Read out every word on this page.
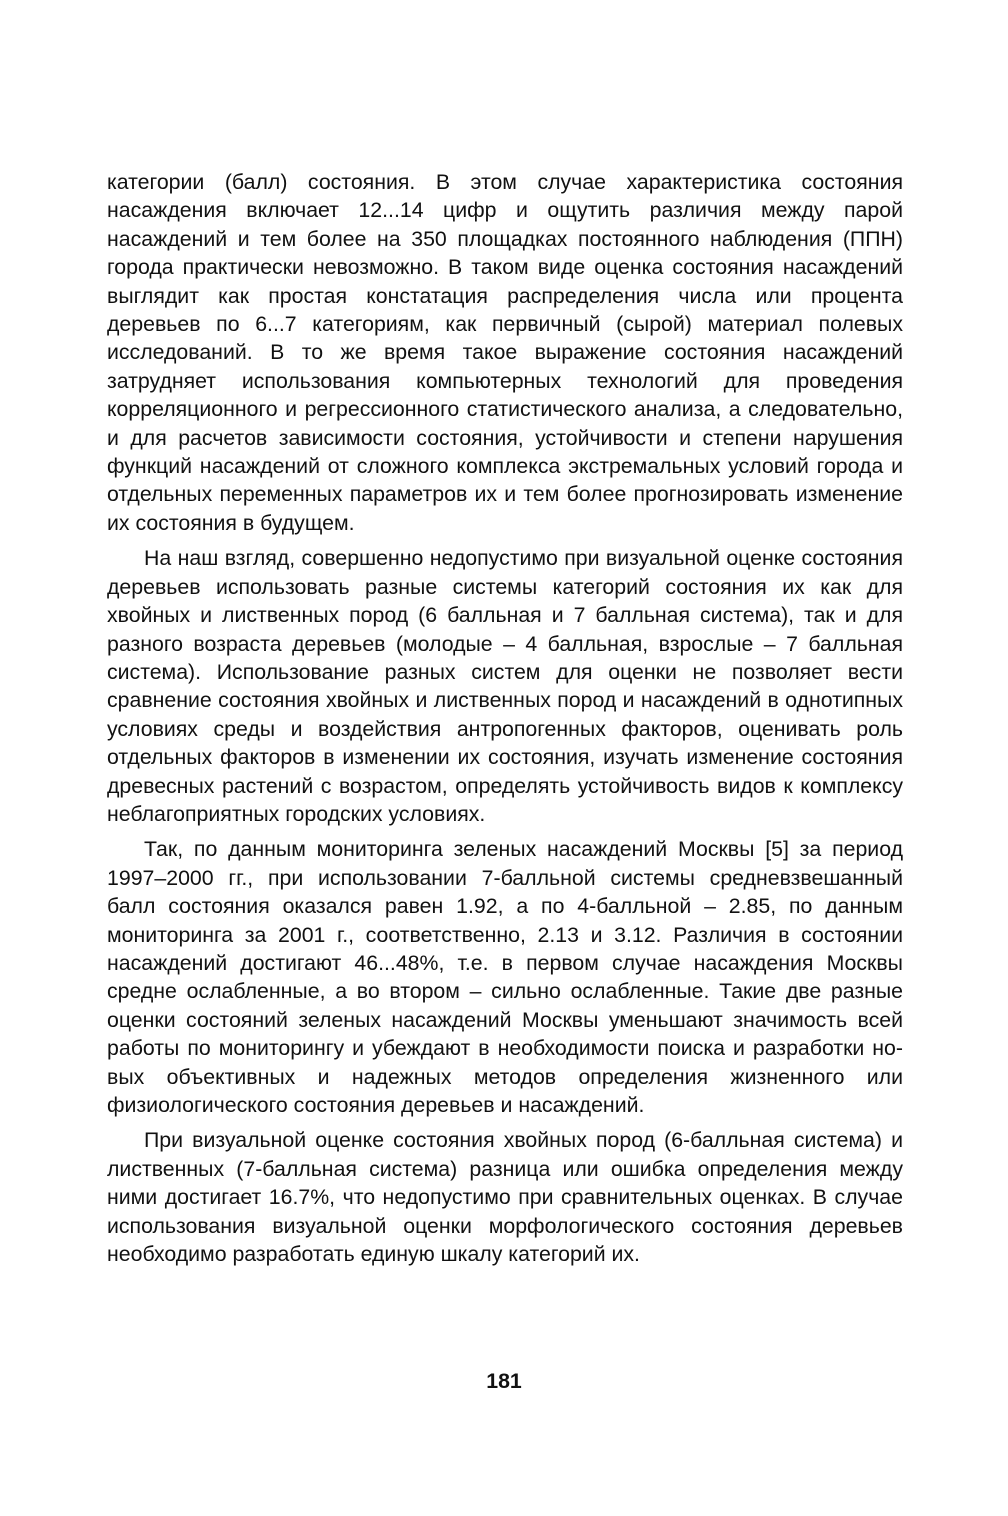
категории (балл) состояния. В этом случае характеристика состояния насаждения включает 12...14 цифр и ощутить различия между парой насаждений и тем более на 350 площадках постоянного наблюдения (ППН) города практически невозможно. В таком виде оценка состояния насаждений выглядит как простая констатация распределения числа или процента деревьев по 6...7 категориям, как первичный (сырой) материал полевых исследований. В то же время такое выражение состояния насаждений затрудняет использования компьютерных технологий для проведения корреляционного и регрессионного статистического анализа, а следовательно, и для расчетов зависимости состояния, устойчивости и степени нарушения функций насаждений от сложного комплекса экстремальных условий города и отдельных переменных параметров их и тем более прогнозировать изменение их состояния в будущем.

На наш взгляд, совершенно недопустимо при визуальной оценке состояния деревьев использовать разные системы категорий состояния их как для хвойных и лиственных пород (6 балльная и 7 балльная система), так и для разного возраста деревьев (молодые – 4 балльная, взрослые – 7 балльная система). Использование разных систем для оценки не позволяет вести сравнение состояния хвойных и лиственных пород и насаждений в однотипных условиях среды и воздействия антропогенных факторов, оценивать роль отдельных факторов в изменении их состояния, изучать изменение состояния древесных растений с возрастом, определять устойчивость видов к комплексу неблагоприятных городских условиях.

Так, по данным мониторинга зеленых насаждений Москвы [5] за период 1997–2000 гг., при использовании 7-балльной системы средневзвешанный балл состояния оказался равен 1.92, а по 4-балльной – 2.85, по данным мониторинга за 2001 г., соответственно, 2.13 и 3.12. Различия в состоянии насаждений достигают 46...48%, т.е. в первом случае насаждения Москвы средне ослабленные, а во втором – сильно ослабленные. Такие две разные оценки состояний зеленых насаждений Москвы уменьшают значимость всей работы по мониторингу и убеждают в необходимости поиска и разработки новых объективных и надежных методов определения жизненного или физиологического состояния деревьев и насаждений.

При визуальной оценке состояния хвойных пород (6-балльная система) и лиственных (7-балльная система) разница или ошибка определения между ними достигает 16.7%, что недопустимо при сравнительных оценках. В случае использования визуальной оценки морфологического состояния деревьев необходимо разработать единую шкалу категорий их.

181
